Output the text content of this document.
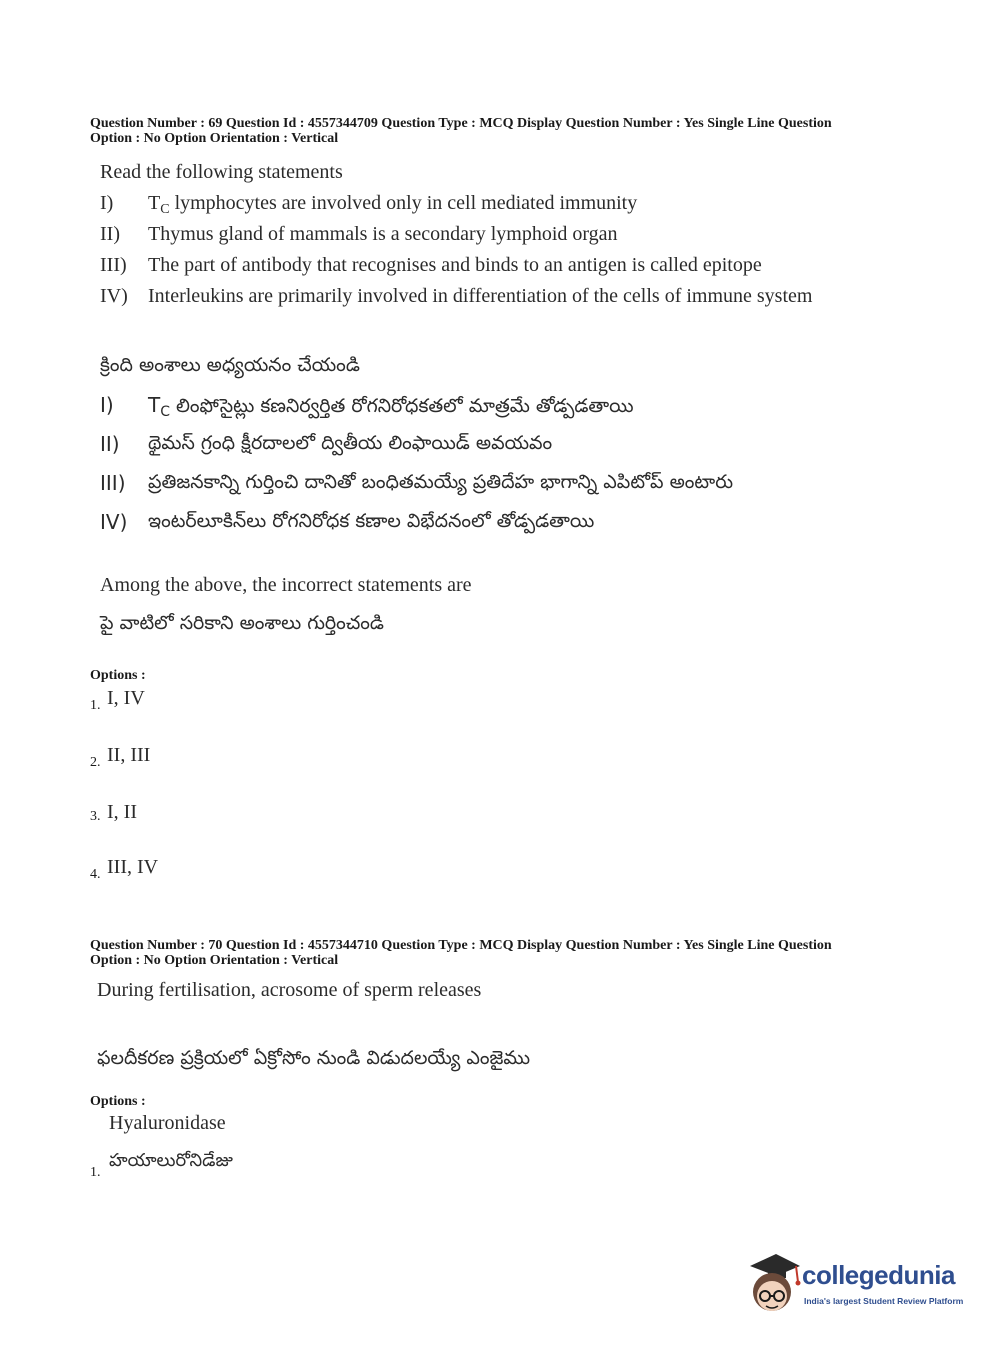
Question Number : 69 Question Id : 4557344709 Question Type : MCQ Display Question Number : Yes Single Line Question
Option : No Option Orientation : Vertical
Read the following statements
I) $T_C$ lymphocytes are involved only in cell mediated immunity
II) Thymus gland of mammals is a secondary lymphoid organ
III) The part of antibody that recognises and binds to an antigen is called epitope
IV) Interleukins are primarily involved in differentiation of the cells of immune system
క్రింది అంశాలు అధ్యయనం చేయండి
I) $T_C$ లింఫోసైట్లు కణనిర్వర్తిత రోగనిరోధకతలో మాత్రమే తోడ్పడతాయి
II) థైమస్ గ్రంధి క్షీరదాలలో ద్వితీయ లింఫాయిడ్ అవయవం
III) ప్రతిజనకాన్ని గుర్తించి దానితో బంధితమయ్యే ప్రతిదేహ భాగాన్ని ఎపిటోప్ అంటారు
IV) ఇంటర్‌లూకిన్‌లు రోగనిరోధక కణాల విభేదనంలో తోడ్పడతాయి
Among the above, the incorrect statements are
పై వాటిలో సరికాని అంశాలు గుర్తించండి
Options :
1. I, IV
2. II, III
3. I, II
4. III, IV
Question Number : 70 Question Id : 4557344710 Question Type : MCQ Display Question Number : Yes Single Line Question
Option : No Option Orientation : Vertical
During fertilisation, acrosome of sperm releases
ఫలదీకరణ ప్రక్రియలో ఏక్రోసోం నుండి విడుదలయ్యే ఎంజైము
Options :
Hyaluronidase
1.
హయాలురోనిడేజు
collegedunia
India's largest Student Review Platform
